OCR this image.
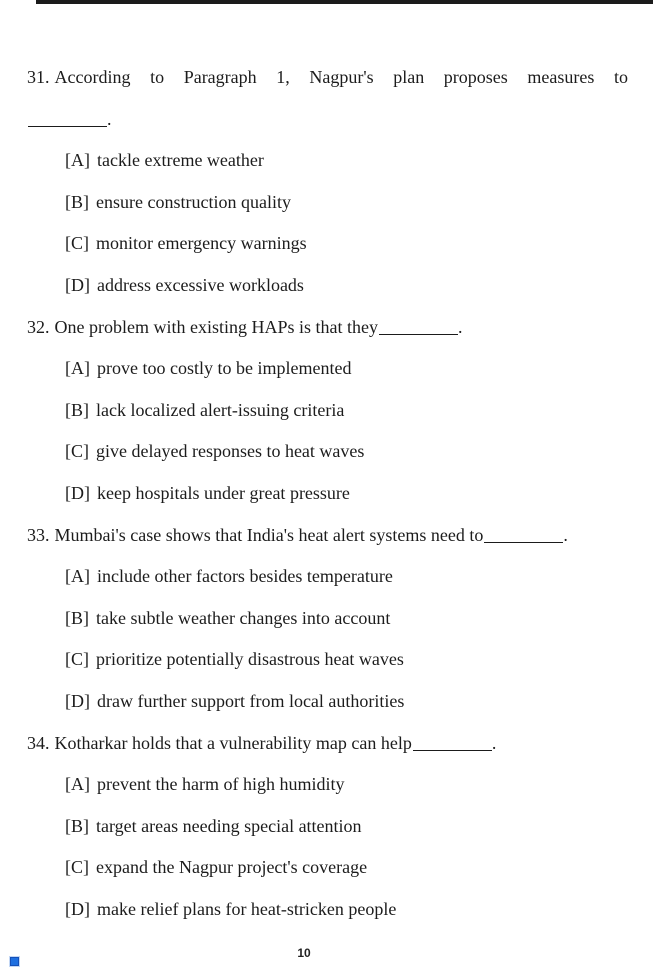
31. According to Paragraph 1, Nagpur's plan proposes measures to
.
[A] tackle extreme weather
[B] ensure construction quality
[C] monitor emergency warnings
[D] address excessive workloads
32. One problem with existing HAPs is that they	.
[A] prove too costly to be implemented
[B] lack localized alert-issuing criteria
[C] give delayed responses to heat waves
[D] keep hospitals under great pressure
33. Mumbai's case shows that India's heat alert systems need to	.
[A] include other factors besides temperature
[B] take subtle weather changes into account
[C] prioritize potentially disastrous heat waves
[D] draw further support from local authorities
34. Kotharkar holds that a vulnerability map can help	.
[A] prevent the harm of high humidity
[B] target areas needing special attention
[C] expand the Nagpur project's coverage
[D] make relief plans for heat-stricken people
10
